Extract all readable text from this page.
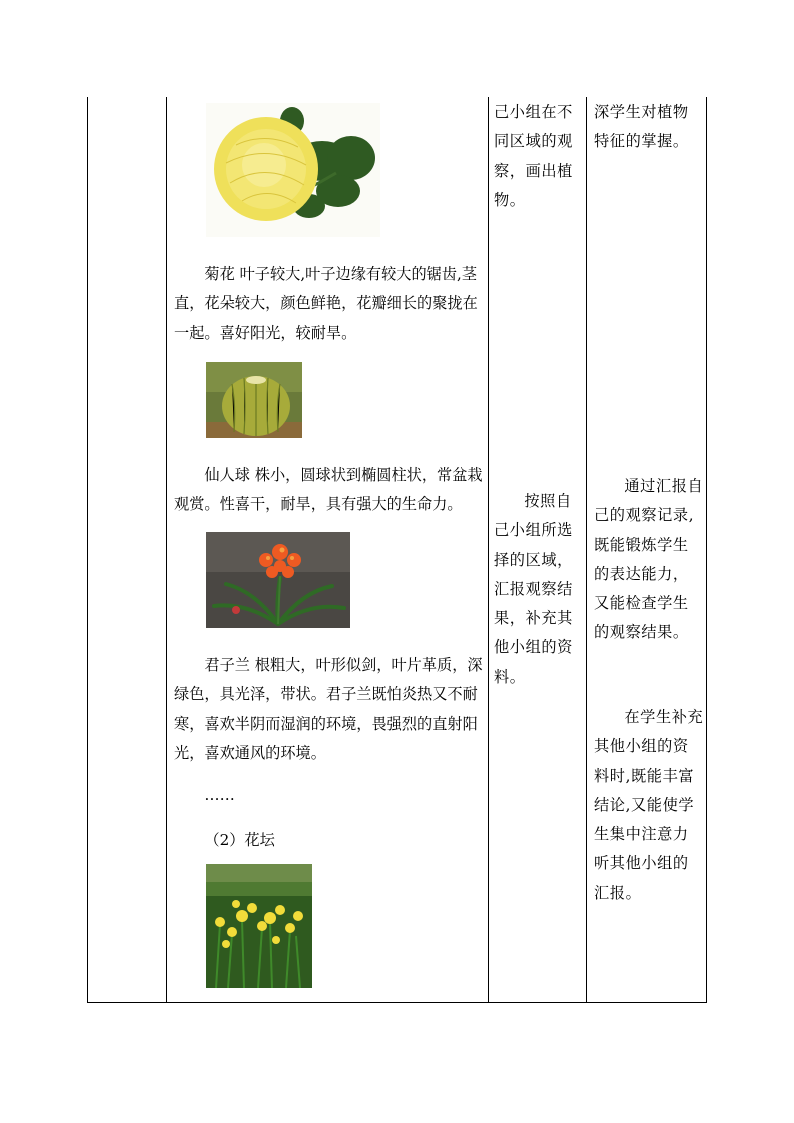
菊花 叶子较大,叶子边缘有较大的锯齿,茎直，花朵较大，颜色鲜艳，花瓣细长的聚拢在一起。喜好阳光，较耐旱。
仙人球 株小，圆球状到椭圆柱状，常盆栽观赏。性喜干，耐旱，具有强大的生命力。
君子兰 根粗大，叶形似剑，叶片革质，深绿色，具光泽，带状。君子兰既怕炎热又不耐寒，喜欢半阴而湿润的环境，畏强烈的直射阳光，喜欢通风的环境。
……
（2）花坛
己小组在不同区域的观察，画出植物。
按照自己小组所选择的区域，汇报观察结果，补充其他小组的资料。
深学生对植物特征的掌握。
通过汇报自己的观察记录,既能锻炼学生的表达能力，又能检查学生的观察结果。
在学生补充其他小组的资料时,既能丰富结论,又能使学生集中注意力听其他小组的汇报。
